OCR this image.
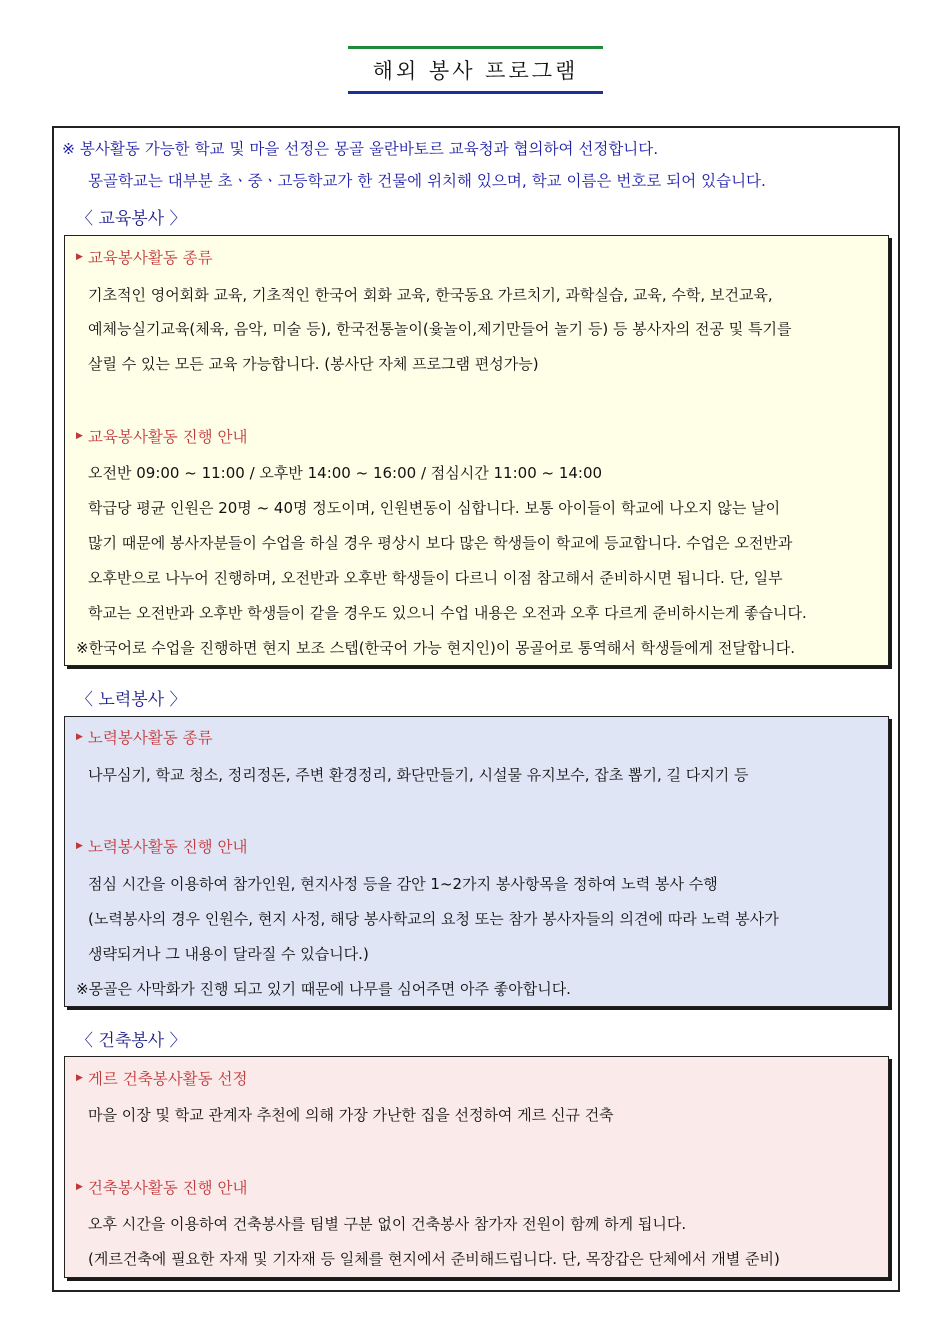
해외 봉사 프로그램
※ 봉사활동 가능한 학교 및 마을 선정은 몽골 울란바토르 교육청과 협의하여 선정합니다.
몽골학교는 대부분 초ㆍ중ㆍ고등학교가 한 건물에 위치해 있으며, 학교 이름은 번호로 되어 있습니다.
〈 교육봉사 〉
▶ 교육봉사활동 종류
기초적인 영어회화 교육, 기초적인 한국어 회화 교육, 한국동요 가르치기, 과학실습, 교육, 수학, 보건교육,
예체능실기교육(체육, 음악, 미술 등), 한국전통놀이(윷놀이,제기만들어 놀기 등) 등 봉사자의 전공 및 특기를
살릴 수 있는 모든 교육 가능합니다. (봉사단 자체 프로그램 편성가능)
▶ 교육봉사활동 진행 안내
오전반 09:00 ~ 11:00 / 오후반 14:00 ~ 16:00 / 점심시간 11:00 ~ 14:00
학급당 평균 인원은 20명 ~ 40명 정도이며, 인원변동이 심합니다. 보통 아이들이 학교에 나오지 않는 날이
많기 때문에 봉사자분들이 수업을 하실 경우 평상시 보다 많은 학생들이 학교에 등교합니다. 수업은 오전반과
오후반으로 나누어 진행하며, 오전반과 오후반 학생들이 다르니 이점 참고해서 준비하시면 됩니다. 단, 일부
학교는 오전반과 오후반 학생들이 같을 경우도 있으니 수업 내용은 오전과 오후 다르게 준비하시는게 좋습니다.
※한국어로 수업을 진행하면 현지 보조 스텝(한국어 가능 현지인)이 몽골어로 통역해서 학생들에게 전달합니다.
〈 노력봉사 〉
▶ 노력봉사활동 종류
나무심기, 학교 청소, 정리정돈, 주변 환경정리, 화단만들기, 시설물 유지보수, 잡초 뽑기, 길 다지기 등
▶ 노력봉사활동 진행 안내
점심 시간을 이용하여 참가인원, 현지사정 등을 감안 1~2가지 봉사항목을 정하여 노력 봉사 수행
(노력봉사의 경우 인원수, 현지 사정, 해당 봉사학교의 요청 또는 참가 봉사자들의 의견에 따라 노력 봉사가
생략되거나 그 내용이 달라질 수 있습니다.)
※몽골은 사막화가 진행 되고 있기 때문에 나무를 심어주면 아주 좋아합니다.
〈 건축봉사 〉
▶ 게르 건축봉사활동 선정
마을 이장 및 학교 관계자 추천에 의해 가장 가난한 집을 선정하여 게르 신규 건축
▶ 건축봉사활동 진행 안내
오후 시간을 이용하여 건축봉사를 팀별 구분 없이 건축봉사 참가자 전원이 함께 하게 됩니다.
(게르건축에 필요한 자재 및 기자재 등 일체를 현지에서 준비해드립니다. 단, 목장갑은 단체에서 개별 준비)
